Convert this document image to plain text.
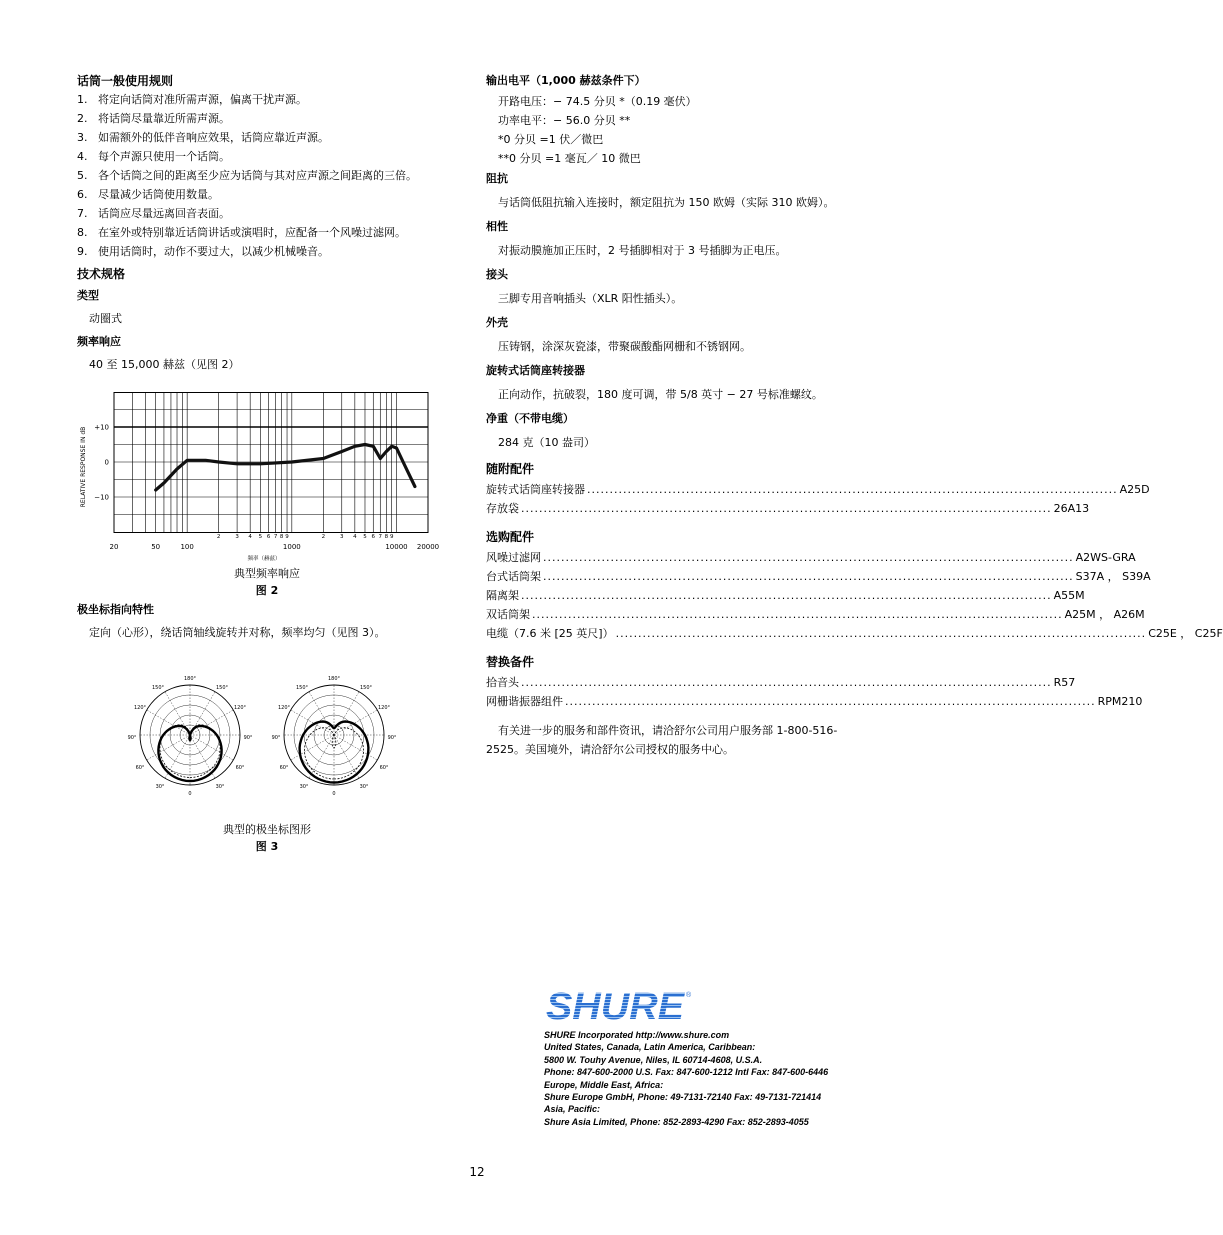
话筒一般使用规则
1. 将定向话筒对准所需声源，偏离干扰声源。
2. 将话筒尽量靠近所需声源。
3. 如需额外的低伴音响应效果，话筒应靠近声源。
4. 每个声源只使用一个话筒。
5. 各个话筒之间的距离至少应为话筒与其对应声源之间距离的三倍。
6. 尽量减少话筒使用数量。
7. 话筒应尽量远离回音表面。
8. 在室外或特别靠近话筒讲话或演唱时，应配备一个风噪过滤网。
9. 使用话筒时，动作不要过大，以减少机械噪音。
技术规格
类型
动圈式
频率响应
40 至 15,000 赫兹（见图 2）
RELATIVE RESPONSE IN dB +10
0
−10
20	50	100	1000	10000 20000
2	3 4 5 6 7 8 9	2	3 4 5 6 7 8 9
频率（赫兹）
典型频率响应
图 2
极坐标指向特性
定向（心形），绕话筒轴线旋转并对称，频率均匀（见图 3）。
180°
150°	150°
120°	120°
90°	90°
60°	60°
30°	30°
0
180°
150°	150°
120°	120°
90°	90°
60°	60°
30°	30°
0
典型的极坐标图形
图 3
输出电平（1,000 赫兹条件下）
开路电压：− 74.5 分贝 *（0.19 毫伏）
功率电平：− 56.0 分贝 **
*0 分贝 =1 伏／微巴
**0 分贝 =1 毫瓦／ 10 微巴
阻抗
与话筒低阻抗输入连接时，额定阻抗为 150 欧姆（实际 310 欧姆）。
相性
对振动膜施加正压时，2 号插脚相对于 3 号插脚为正电压。
接头
三脚专用音响插头（XLR 阳性插头）。
外壳
压铸钢，涂深灰瓷漆，带聚碳酸酯网栅和不锈钢网。
旋转式话筒座转接器
正向动作，抗破裂，180 度可调，带 5/8 英寸 − 27 号标准螺纹。
净重（不带电缆）
284 克（10 盎司）
随附配件
旋转式话筒座转接器 ...................................................................................................................... A25D
存放袋 ...................................................................................................................... 26A13
选购配件
风噪过滤网 ...................................................................................................................... A2WS-GRA
台式话筒架 ...................................................................................................................... S37A ， S39A
隔离架 ...................................................................................................................... A55M
双话筒架 ...................................................................................................................... A25M ， A26M
电缆（7.6 米 [25 英尺]） ...................................................................................................................... C25E ， C25F
替换备件
拾音头 ...................................................................................................................... R57
网栅谐振器组件 ...................................................................................................................... RPM210
有关进一步的服务和部件资讯，请洽舒尔公司用户服务部 1-800-516-2525。美国境外，请洽舒尔公司授权的服务中心。
SHURE ®
SHURE Incorporated http://www.shure.com
United States, Canada, Latin America, Caribbean:
5800 W. Touhy Avenue, Niles, IL 60714-4608, U.S.A.
Phone: 847-600-2000 U.S. Fax: 847-600-1212 Intl Fax: 847-600-6446
Europe, Middle East, Africa:
Shure Europe GmbH, Phone: 49-7131-72140 Fax: 49-7131-721414
Asia, Pacific:
Shure Asia Limited, Phone: 852-2893-4290 Fax: 852-2893-4055
12
